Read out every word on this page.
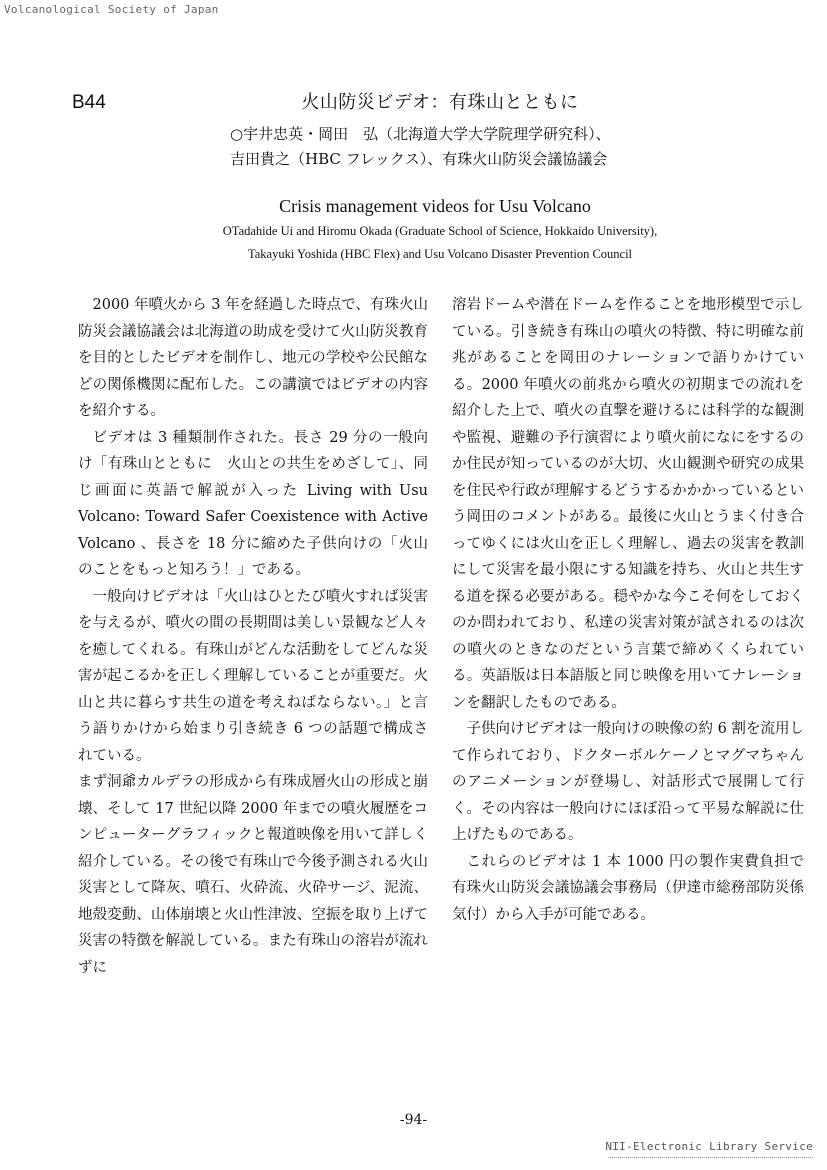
Volcanological Society of Japan
B44	火山防災ビデオ：有珠山とともに
○宇井忠英・岡田　弘（北海道大学大学院理学研究科）、
吉田貴之（HBC フレックス）、有珠火山防災会議協議会
Crisis management videos for Usu Volcano
OTadahide Ui and Hiromu Okada (Graduate School of Science, Hokkaido University),
Takayuki Yoshida (HBC Flex) and Usu Volcano Disaster Prevention Council

2000 年噴火から 3 年を経過した時点で、有珠火山防災会議協議会は北海道の助成を受けて火山防災教育を目的としたビデオを制作し、地元の学校や公民館などの関係機関に配布した。この講演ではビデオの内容を紹介する。

ビデオは 3 種類制作された。長さ 29 分の一般向け「有珠山とともに　火山との共生をめざして」、同じ画面に英語で解説が入った Living with Usu Volcano: Toward Safer Coexistence with Active Volcano 、長さを 18 分に縮めた子供向けの「火山のことをもっと知ろう！」である。

一般向けビデオは「火山はひとたび噴火すれば災害を与えるが、噴火の間の長期間は美しい景観など人々を癒してくれる。有珠山がどんな活動をしてどんな災害が起こるかを正しく理解していることが重要だ。火山と共に暮らす共生の道を考えねばならない。」と言う語りかけから始まり引き続き 6 つの話題で構成されている。

まず洞爺カルデラの形成から有珠成層火山の形成と崩壊、そして 17 世紀以降 2000 年までの噴火履歴をコンピューターグラフィックと報道映像を用いて詳しく紹介している。その後で有珠山で今後予測される火山災害として降灰、噴石、火砕流、火砕サージ、泥流、地殻変動、山体崩壊と火山性津波、空振を取り上げて災害の特徴を解説している。また有珠山の溶岩が流れずに

溶岩ドームや潜在ドームを作ることを地形模型で示している。引き続き有珠山の噴火の特徴、特に明確な前兆があることを岡田のナレーションで語りかけている。2000 年噴火の前兆から噴火の初期までの流れを紹介した上で、噴火の直撃を避けるには科学的な観測や監視、避難の予行演習により噴火前になにをするのか住民が知っているのが大切、火山観測や研究の成果を住民や行政が理解するどうするかかかっているという岡田のコメントがある。最後に火山とうまく付き合ってゆくには火山を正しく理解し、過去の災害を教訓にして災害を最小限にする知識を持ち、火山と共生する道を探る必要がある。穏やかな今こそ何をしておくのか問われており、私達の災害対策が試されるのは次の噴火のときなのだという言葉で締めくくられている。英語版は日本語版と同じ映像を用いてナレーションを翻訳したものである。

子供向けビデオは一般向けの映像の約 6 割を流用して作られており、ドクターボルケーノとマグマちゃんのアニメーションが登場し、対話形式で展開して行く。その内容は一般向けにほぼ沿って平易な解説に仕上げたものである。

これらのビデオは 1 本 1000 円の製作実費負担で有珠火山防災会議協議会事務局（伊達市総務部防災係気付）から入手が可能である。

-94-
NII-Electronic Library Service
